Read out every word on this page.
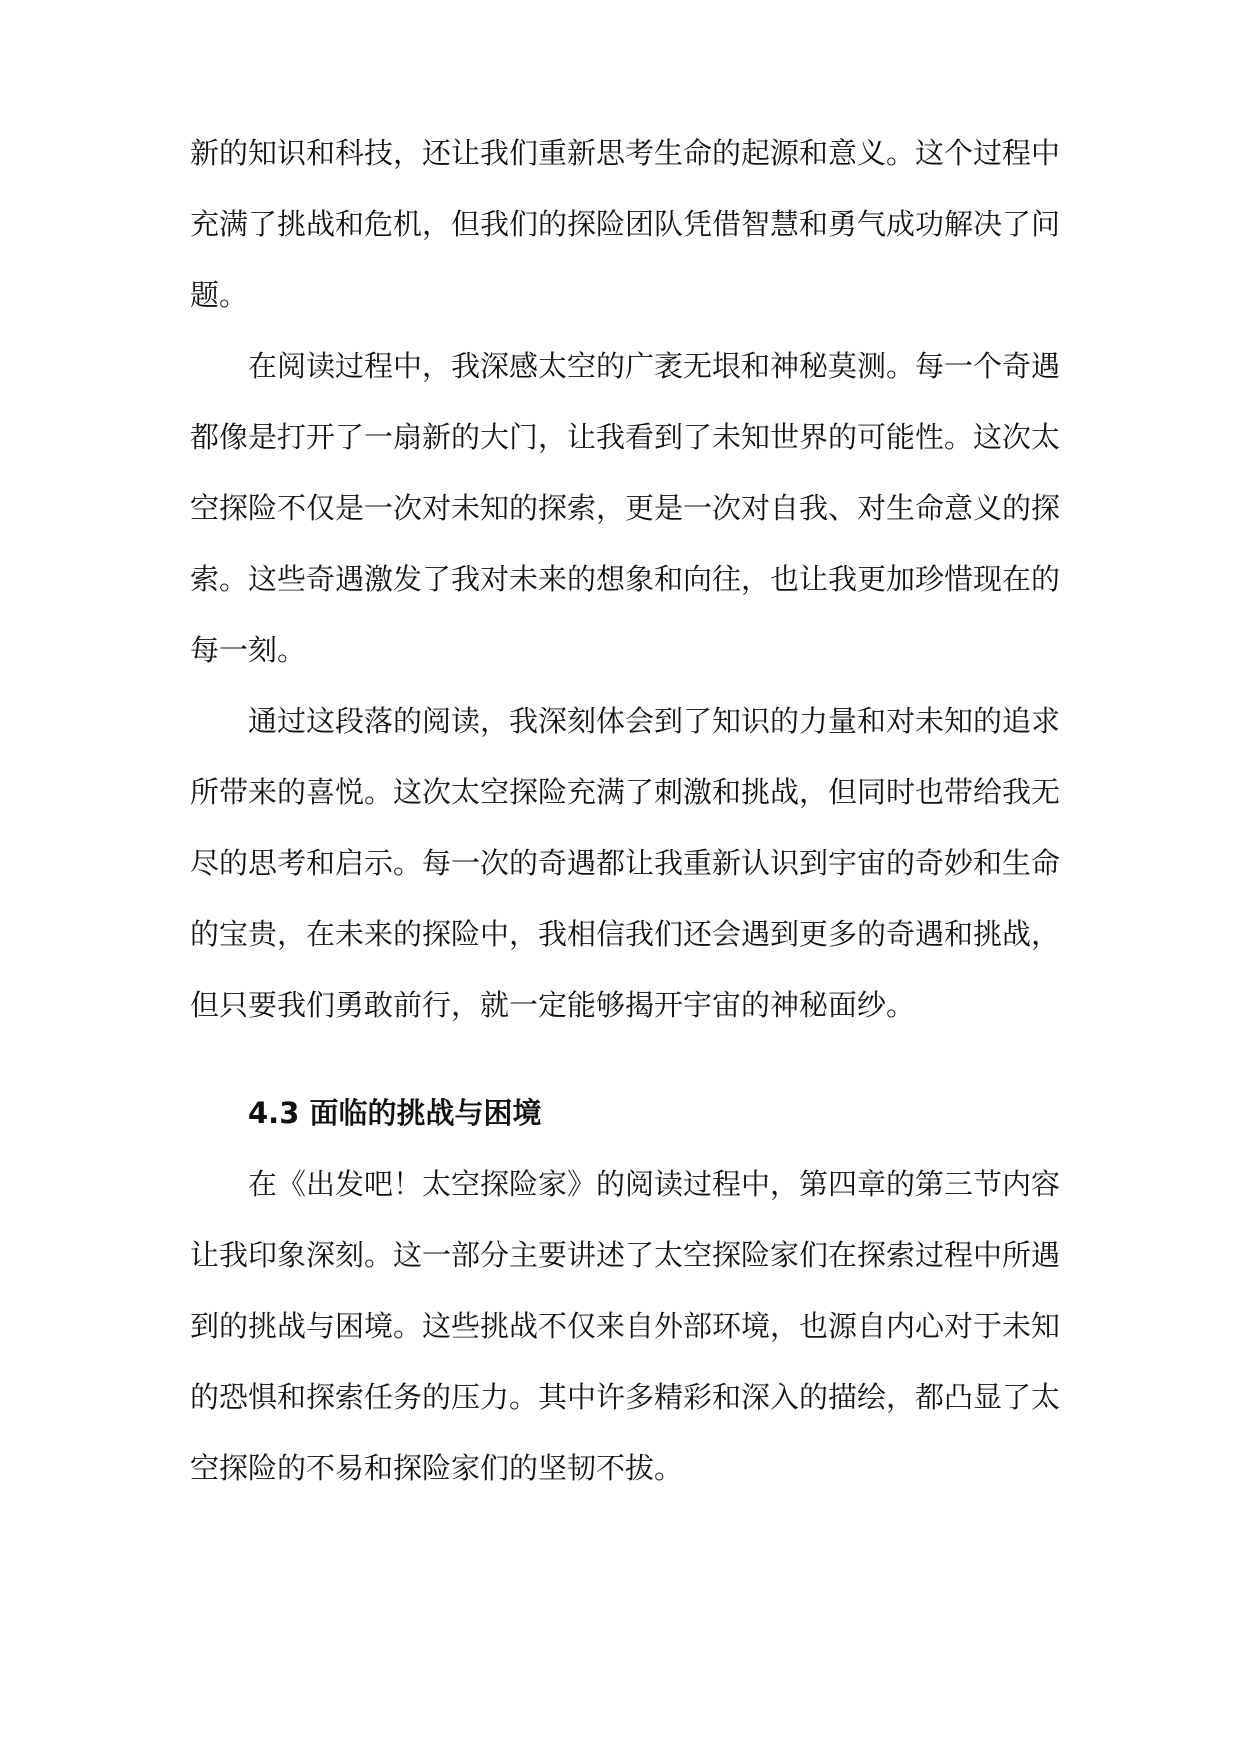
新的知识和科技，还让我们重新思考生命的起源和意义。这个过程中充满了挑战和危机，但我们的探险团队凭借智慧和勇气成功解决了问题。

在阅读过程中，我深感太空的广袤无垠和神秘莫测。每一个奇遇都像是打开了一扇新的大门，让我看到了未知世界的可能性。这次太空探险不仅是一次对未知的探索，更是一次对自我、对生命意义的探索。这些奇遇激发了我对未来的想象和向往，也让我更加珍惜现在的每一刻。

通过这段落的阅读，我深刻体会到了知识的力量和对未知的追求所带来的喜悦。这次太空探险充满了刺激和挑战，但同时也带给我无尽的思考和启示。每一次的奇遇都让我重新认识到宇宙的奇妙和生命的宝贵，在未来的探险中，我相信我们还会遇到更多的奇遇和挑战，但只要我们勇敢前行，就一定能够揭开宇宙的神秘面纱。

4.3 面临的挑战与困境

在《出发吧！太空探险家》的阅读过程中，第四章的第三节内容让我印象深刻。这一部分主要讲述了太空探险家们在探索过程中所遇到的挑战与困境。这些挑战不仅来自外部环境，也源自内心对于未知的恐惧和探索任务的压力。其中许多精彩和深入的描绘，都凸显了太空探险的不易和探险家们的坚韧不拔。
